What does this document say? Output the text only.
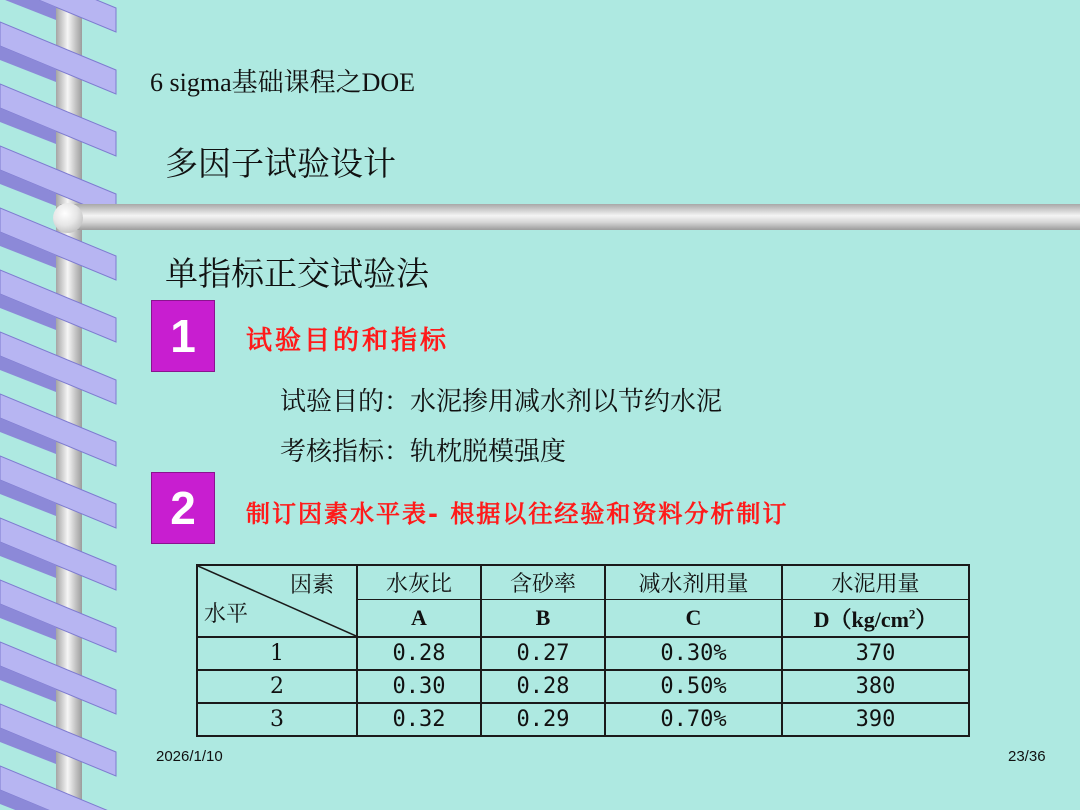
6 sigma基础课程之DOE
多因子试验设计
单指标正交试验法
1	试验目的和指标
试验目的：水泥掺用减水剂以节约水泥
考核指标：轨枕脱模强度
2	制订因素水平表- 根据以往经验和资料分析制订
因素
水平	水灰比	含砂率	减水剂用量	水泥用量
	A	B	C	$D(kg/cm^2)$
1	0.28	0.27	0.30%	370
2	0.30	0.28	0.50%	380
3	0.32	0.29	0.70%	390
2026/1/10	23/36
